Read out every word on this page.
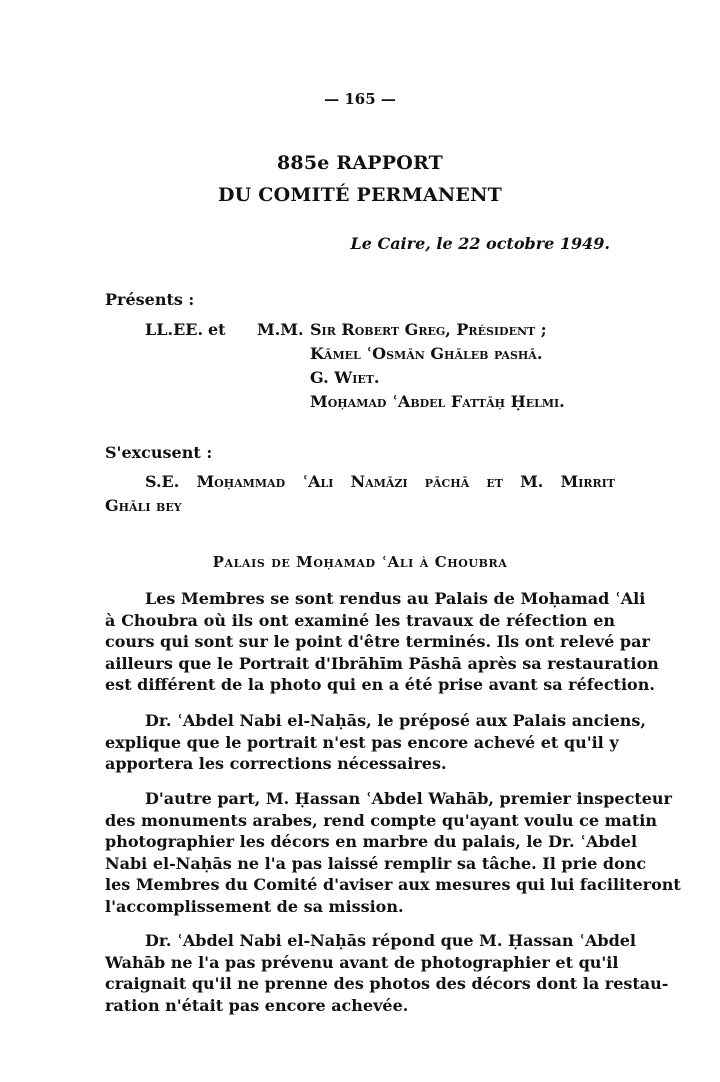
— 165 —
885e RAPPORT
DU COMITÉ PERMANENT
Le Caire, le 22 octobre 1949.
Présents :
LL.EE. et M.M. Sir Robert Greg, Président ;
Kāmel ʿOsmān Ghāleb pashā.
G. Wiet.
Moḥamad ʿAbdel Fattāḥ Ḥelmi.
S'excusent :
S.E. Moḥammad ʿAli Namāzi pāchā et M. Mirrit
Ghāli bey
Palais de Moḥamad ʿAli à Choubra
Les Membres se sont rendus au Palais de Moḥamad ʿAli
à Choubra où ils ont examiné les travaux de réfection en
cours qui sont sur le point d'être terminés. Ils ont relevé par
ailleurs que le Portrait d'Ibrāhīm Pāshā après sa restauration
est différent de la photo qui en a été prise avant sa réfection.
Dr. ʿAbdel Nabi el-Naḥās, le préposé aux Palais anciens,
explique que le portrait n'est pas encore achevé et qu'il y
apportera les corrections nécessaires.
D'autre part, M. Ḥassan ʿAbdel Wahāb, premier inspecteur
des monuments arabes, rend compte qu'ayant voulu ce matin
photographier les décors en marbre du palais, le Dr. ʿAbdel
Nabi el-Naḥās ne l'a pas laissé remplir sa tâche. Il prie donc
les Membres du Comité d'aviser aux mesures qui lui faciliteront
l'accomplissement de sa mission.
Dr. ʿAbdel Nabi el-Naḥās répond que M. Ḥassan ʿAbdel
Wahāb ne l'a pas prévenu avant de photographier et qu'il
craignait qu'il ne prenne des photos des décors dont la restau-
ration n'était pas encore achevée.
